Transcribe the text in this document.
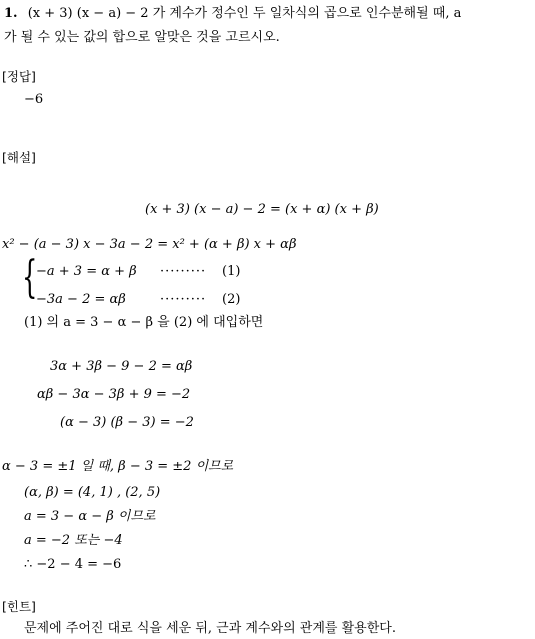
1. (x + 3) (x − a) − 2 가 계수가 정수인 두 일차식의 곱으로 인수분해될 때, a
가 될 수 있는 값의 합으로 알맞은 것을 고르시오.
[정답]
−6
[해설]
(x + 3) (x − a) − 2 = (x + α) (x + β)
x² − (a − 3) x − 3a − 2 = x² + (α + β) x + αβ
{
−a + 3 = α + β ········· (1)
−3a − 2 = αβ	········· (2)
(1) 의 a = 3 − α − β 을 (2) 에 대입하면
3α + 3β − 9 − 2 = αβ
αβ − 3α − 3β + 9 = −2
(α − 3) (β − 3) = −2
α − 3 = ±1 일 때, β − 3 = ±2 이므로
(α, β) = (4, 1) , (2, 5)
a = 3 − α − β 이므로
a = −2 또는 −4
∴ −2 − 4 = −6
[힌트]
문제에 주어진 대로 식을 세운 뒤, 근과 계수와의 관계를 활용한다.
